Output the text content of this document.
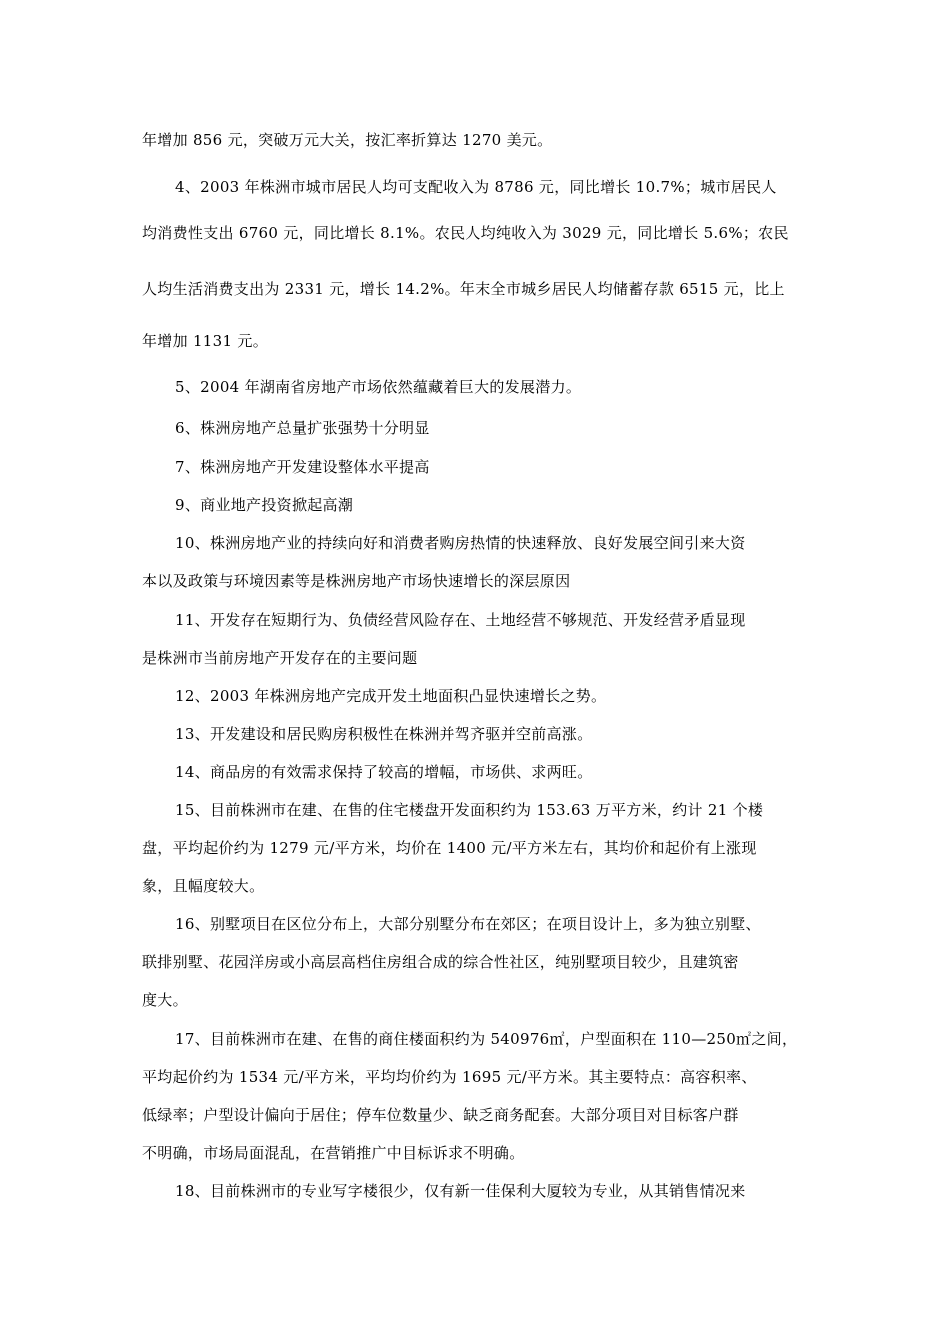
年增加 856 元，突破万元大关，按汇率折算达 1270 美元。
4、2003 年株洲市城市居民人均可支配收入为 8786 元，同比增长 10.7%；城市居民人
均消费性支出 6760 元，同比增长 8.1%。农民人均纯收入为 3029 元，同比增长 5.6%；农民
人均生活消费支出为 2331 元，增长 14.2%。年末全市城乡居民人均储蓄存款 6515 元，比上
年增加 1131 元。
5、2004 年湖南省房地产市场依然蕴藏着巨大的发展潜力。
6、株洲房地产总量扩张强势十分明显
7、株洲房地产开发建设整体水平提高
9、商业地产投资掀起高潮
10、株洲房地产业的持续向好和消费者购房热情的快速释放、良好发展空间引来大资
本以及政策与环境因素等是株洲房地产市场快速增长的深层原因
11、开发存在短期行为、负债经营风险存在、土地经营不够规范、开发经营矛盾显现
是株洲市当前房地产开发存在的主要问题
12、2003 年株洲房地产完成开发土地面积凸显快速增长之势。
13、开发建设和居民购房积极性在株洲并驾齐驱并空前高涨。
14、商品房的有效需求保持了较高的增幅，市场供、求两旺。
15、目前株洲市在建、在售的住宅楼盘开发面积约为 153.63 万平方米，约计 21 个楼
盘，平均起价约为 1279 元/平方米，均价在 1400 元/平方米左右，其均价和起价有上涨现
象，且幅度较大。
16、别墅项目在区位分布上，大部分别墅分布在郊区；在项目设计上，多为独立别墅、
联排别墅、花园洋房或小高层高档住房组合成的综合性社区，纯别墅项目较少，且建筑密
度大。
17、目前株洲市在建、在售的商住楼面积约为 540976㎡，户型面积在 110—250㎡之间，
平均起价约为 1534 元/平方米，平均均价约为 1695 元/平方米。其主要特点：高容积率、
低绿率；户型设计偏向于居住；停车位数量少、缺乏商务配套。大部分项目对目标客户群
不明确，市场局面混乱，在营销推广中目标诉求不明确。
18、目前株洲市的专业写字楼很少，仅有新一佳保利大厦较为专业，从其销售情况来
